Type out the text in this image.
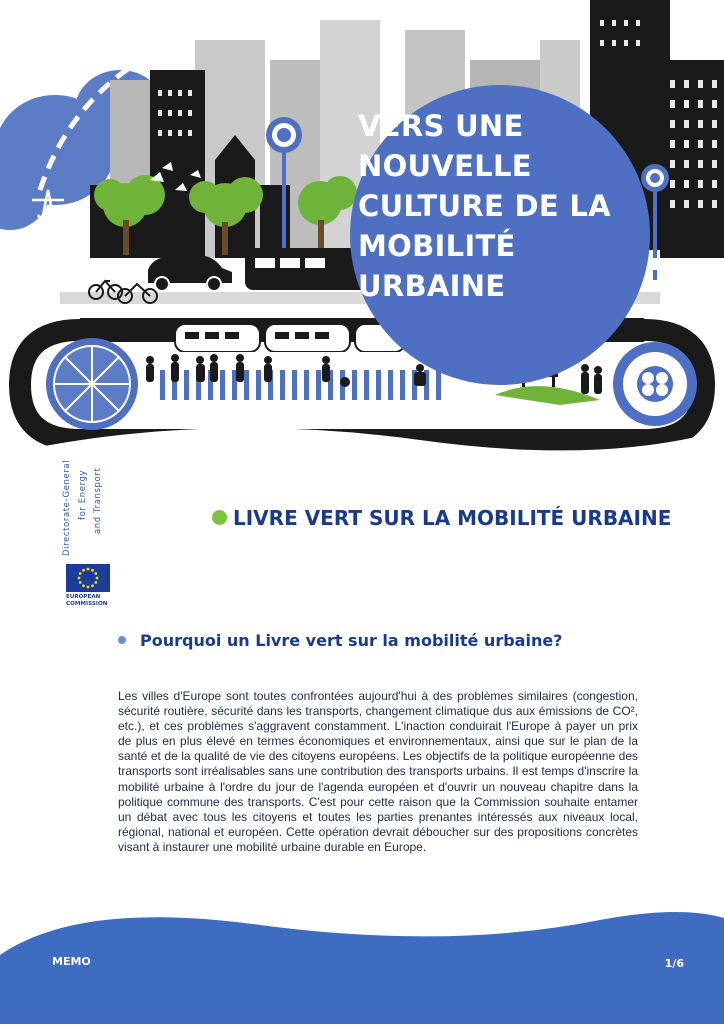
VERS UNE
NOUVELLE
CULTURE DE LA
MOBILITÉ
URBAINE
Directorate-General for Energy and Transport
EUROPEAN
COMMISSION
LIVRE VERT SUR LA MOBILITÉ URBAINE
Pourquoi un Livre vert sur la mobilité urbaine?
Les villes d'Europe sont toutes confrontées aujourd'hui à des problèmes similaires (congestion, sécurité routière, sécurité dans les transports, changement climatique dus aux émissions de CO², etc.), et ces problèmes s'aggravent constamment. L'inaction conduirait l'Europe à payer un prix de plus en plus élevé en termes économiques et environnementaux, ainsi que sur le plan de la santé et de la qualité de vie des citoyens européens. Les objectifs de la politique européenne des transports sont irréalisables sans une contribution des transports urbains. Il est temps d'inscrire la mobilité urbaine à l'ordre du jour de l'agenda européen et d'ouvrir un nouveau chapitre dans la politique commune des transports. C'est pour cette raison que la Commission souhaite entamer un débat avec tous les citoyens et toutes les parties prenantes intéressés aux niveaux local, régional, national et européen. Cette opération devrait déboucher sur des propositions concrètes visant à instaurer une mobilité urbaine durable en Europe.
MEMO	1/6
